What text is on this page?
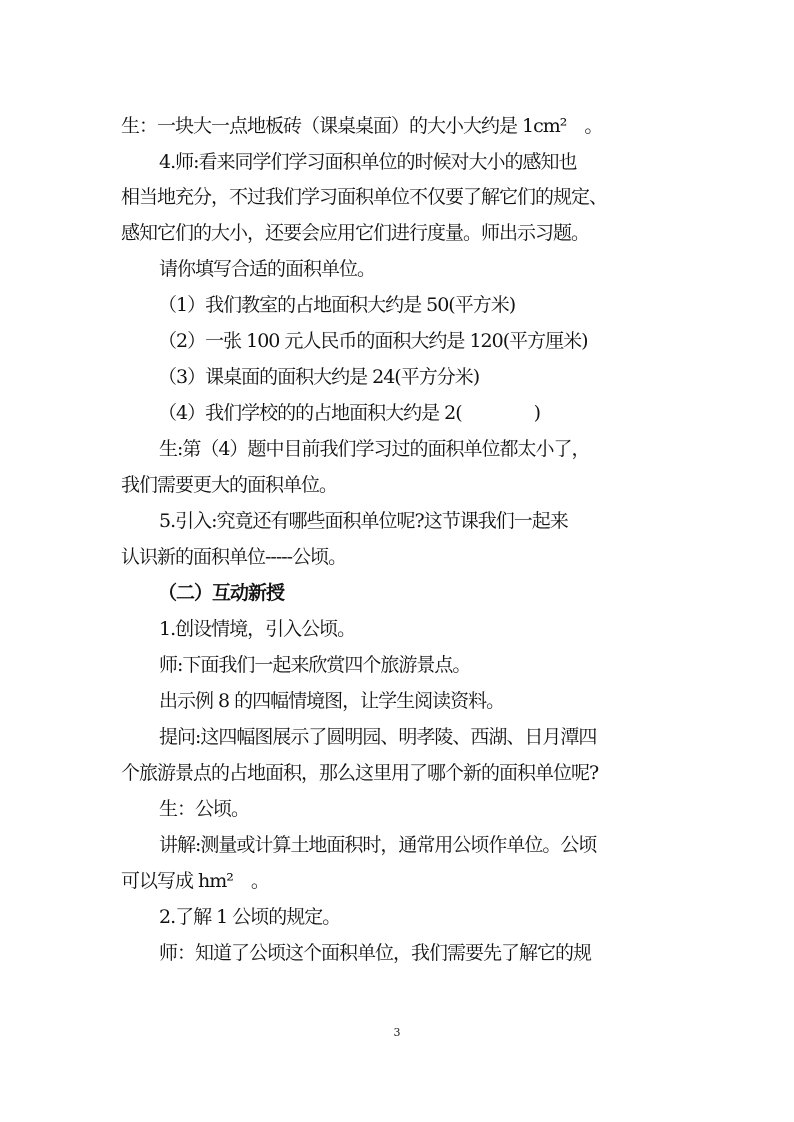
生：一块大一点地板砖（课桌桌面）的大小大约是 1cm²　。
4.师:看来同学们学习面积单位的时候对大小的感知也
相当地充分，不过我们学习面积单位不仅要了解它们的规定、
感知它们的大小，还要会应用它们进行度量。师出示习题。
请你填写合适的面积单位。
（1）我们教室的占地面积大约是 50(平方米)
（2）一张 100 元人民币的面积大约是 120(平方厘米)
（3）课桌面的面积大约是 24(平方分米)
（4）我们学校的的占地面积大约是 2(　　　　)
生:第（4）题中目前我们学习过的面积单位都太小了，
我们需要更大的面积单位。
5.引入:究竟还有哪些面积单位呢?这节课我们一起来
认识新的面积单位-----公顷。
（二）互动新授
1.创设情境，引入公顷。
师:下面我们一起来欣赏四个旅游景点。
出示例 8 的四幅情境图，让学生阅读资料。
提问:这四幅图展示了圆明园、明孝陵、西湖、日月潭四
个旅游景点的占地面积，那么这里用了哪个新的面积单位呢?
生：公顷。
讲解:测量或计算土地面积时，通常用公顷作单位。公顷
可以写成 hm²　。
2.了解 1 公顷的规定。
师：知道了公顷这个面积单位，我们需要先了解它的规
3
